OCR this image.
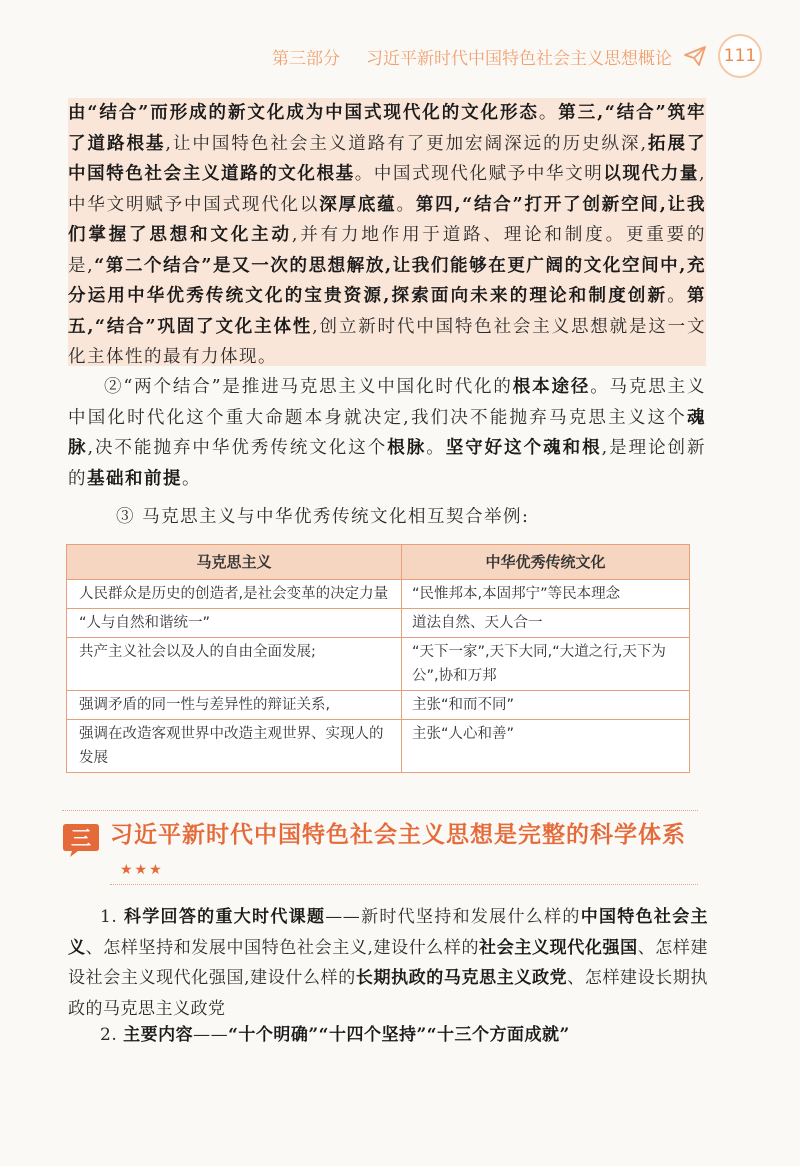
第三部分 习近平新时代中国特色社会主义思想概论	111
由“结合”而形成的新文化成为中国式现代化的文化形态。第三,“结合”筑牢了道路根基,让中国特色社会主义道路有了更加宏阔深远的历史纵深,拓展了中国特色社会主义道路的文化根基。中国式现代化赋予中华文明以现代力量,中华文明赋予中国式现代化以深厚底蕴。第四,“结合”打开了创新空间,让我们掌握了思想和文化主动,并有力地作用于道路、理论和制度。更重要的是,“第二个结合”是又一次的思想解放,让我们能够在更广阔的文化空间中,充分运用中华优秀传统文化的宝贵资源,探索面向未来的理论和制度创新。第五,“结合”巩固了文化主体性,创立新时代中国特色社会主义思想就是这一文化主体性的最有力体现。
②“两个结合”是推进马克思主义中国化时代化的根本途径。马克思主义中国化时代化这个重大命题本身就决定,我们决不能抛弃马克思主义这个魂脉,决不能抛弃中华优秀传统文化这个根脉。坚守好这个魂和根,是理论创新的基础和前提。
③ 马克思主义与中华优秀传统文化相互契合举例:
马克思主义	中华优秀传统文化
人民群众是历史的创造者,是社会变革的决定力量	“民惟邦本,本固邦宁”等民本理念
“人与自然和谐统一”	道法自然、天人合一
共产主义社会以及人的自由全面发展;	“天下一家”,天下大同,“大道之行,天下为公”,协和万邦
强调矛盾的同一性与差异性的辩证关系,	主张“和而不同”
强调在改造客观世界中改造主观世界、实现人的发展	主张“人心和善”
三 习近平新时代中国特色社会主义思想是完整的科学体系★★★
1. 科学回答的重大时代课题——新时代坚持和发展什么样的中国特色社会主义、怎样坚持和发展中国特色社会主义,建设什么样的社会主义现代化强国、怎样建设社会主义现代化强国,建设什么样的长期执政的马克思主义政党、怎样建设长期执政的马克思主义政党
2. 主要内容——“十个明确”“十四个坚持”“十三个方面成就”
